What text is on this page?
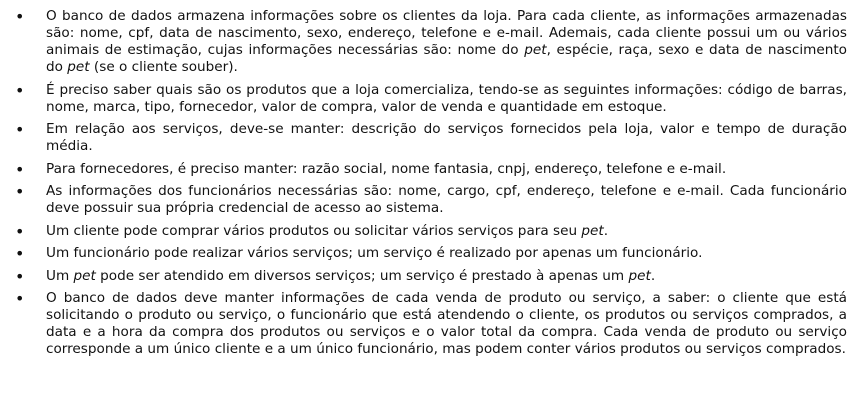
• O banco de dados armazena informações sobre os clientes da loja. Para cada cliente, as informações armazenadas são: nome, cpf, data de nascimento, sexo, endereço, telefone e e-mail. Ademais, cada cliente possui um ou vários animais de estimação, cujas informações necessárias são: nome do pet, espécie, raça, sexo e data de nascimento do pet (se o cliente souber).
• É preciso saber quais são os produtos que a loja comercializa, tendo-se as seguintes informações: código de barras, nome, marca, tipo, fornecedor, valor de compra, valor de venda e quantidade em estoque.
• Em relação aos serviços, deve-se manter: descrição do serviços fornecidos pela loja, valor e tempo de duração média.
• Para fornecedores, é preciso manter: razão social, nome fantasia, cnpj, endereço, telefone e e-mail.
• As informações dos funcionários necessárias são: nome, cargo, cpf, endereço, telefone e e-mail. Cada funcionário deve possuir sua própria credencial de acesso ao sistema.
• Um cliente pode comprar vários produtos ou solicitar vários serviços para seu pet.
• Um funcionário pode realizar vários serviços; um serviço é realizado por apenas um funcionário.
• Um pet pode ser atendido em diversos serviços; um serviço é prestado à apenas um pet.
• O banco de dados deve manter informações de cada venda de produto ou serviço, a saber: o cliente que está solicitando o produto ou serviço, o funcionário que está atendendo o cliente, os produtos ou serviços comprados, a data e a hora da compra dos produtos ou serviços e o valor total da compra. Cada venda de produto ou serviço corresponde a um único cliente e a um único funcionário, mas podem conter vários produtos ou serviços comprados.
